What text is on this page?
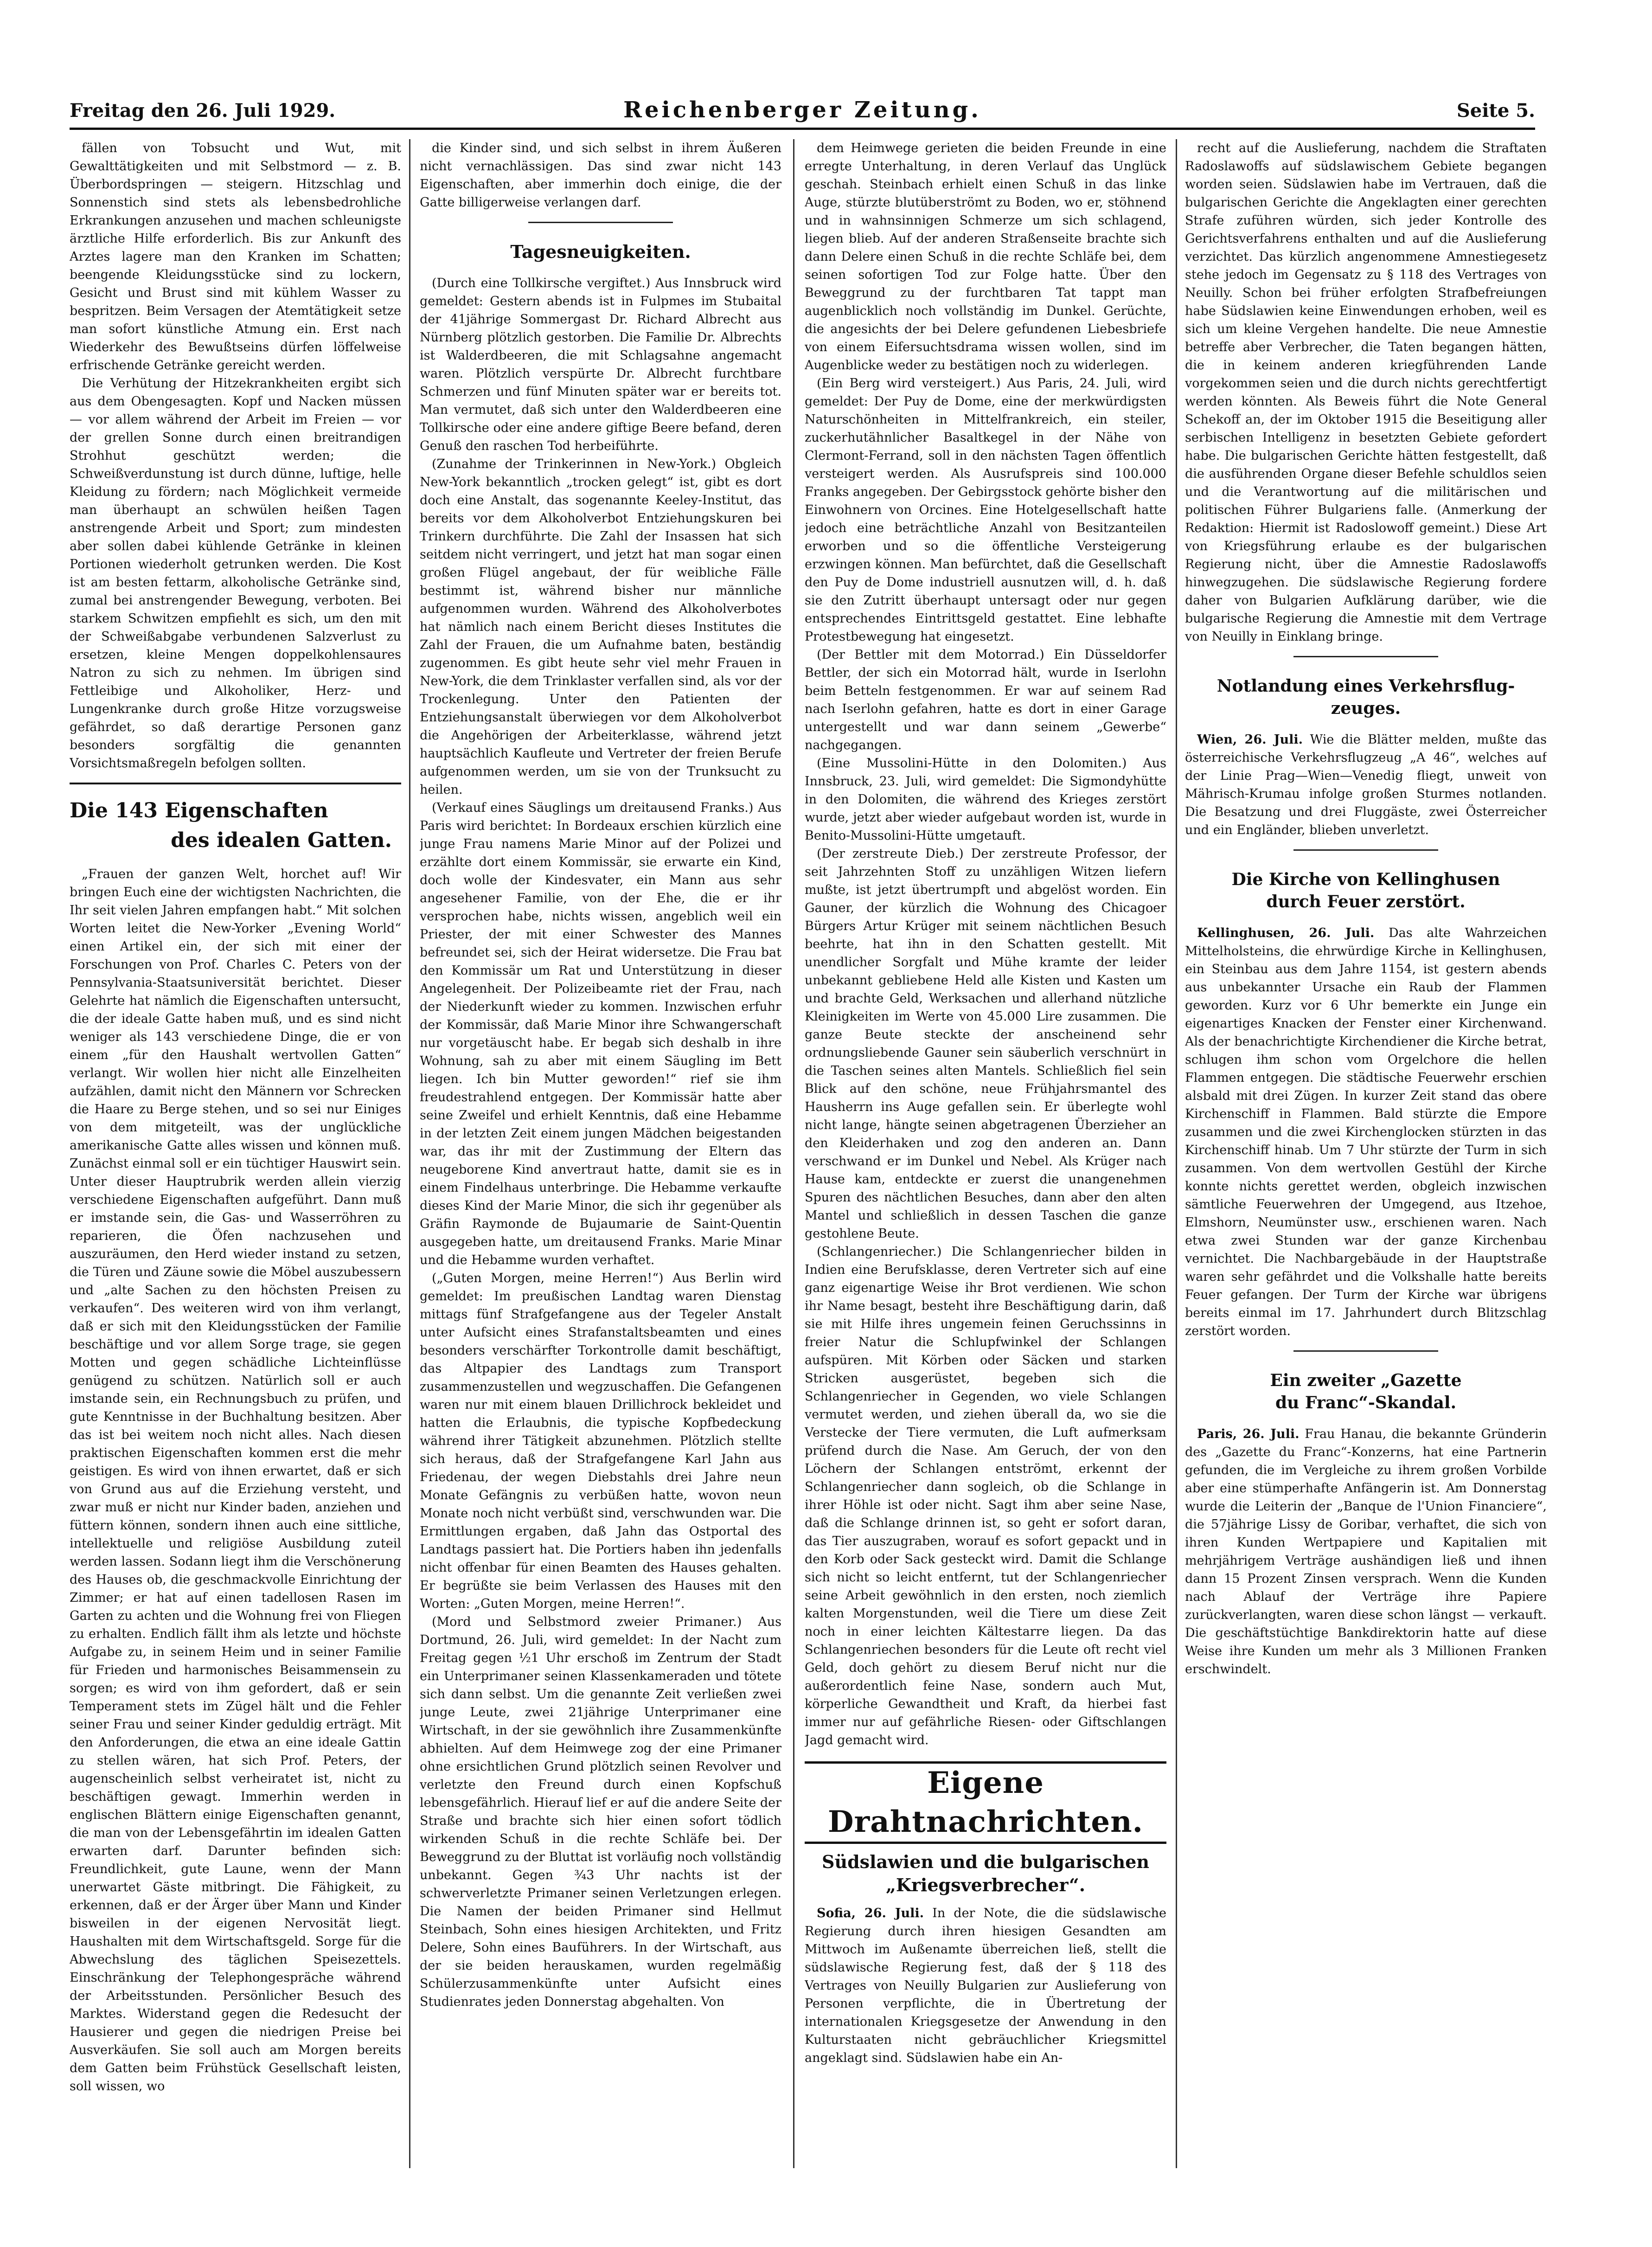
Freitag den 26. Juli 1929.	Reichenberger Zeitung.	Seite 5.

fällen von Tobsucht und Wut, mit Gewalttätigkeiten und mit Selbstmord — z. B. Überbordspringen — steigern. Hitzschlag und Sonnenstich sind stets als lebensbedrohliche Erkrankungen anzusehen und machen schleunigste ärztliche Hilfe erforderlich. Bis zur Ankunft des Arztes lagere man den Kranken im Schatten; beengende Kleidungsstücke sind zu lockern, Gesicht und Brust sind mit kühlem Wasser zu bespritzen. Beim Versagen der Atemtätigkeit setze man sofort künstliche Atmung ein. Erst nach Wiederkehr des Bewußtseins dürfen löffelweise erfrischende Getränke gereicht werden.

Die Verhütung der Hitzekrankheiten ergibt sich aus dem Obengesagten. Kopf und Nacken müssen — vor allem während der Arbeit im Freien — vor der grellen Sonne durch einen breitrandigen Strohhut geschützt werden; die Schweißverdunstung ist durch dünne, luftige, helle Kleidung zu fördern; nach Möglichkeit vermeide man überhaupt an schwülen heißen Tagen anstrengende Arbeit und Sport; zum mindesten aber sollen dabei kühlende Getränke in kleinen Portionen wiederholt getrunken werden. Die Kost ist am besten fettarm, alkoholische Getränke sind, zumal bei anstrengender Bewegung, verboten. Bei starkem Schwitzen empfiehlt es sich, um den mit der Schweißabgabe verbundenen Salzverlust zu ersetzen, kleine Mengen doppelkohlensaures Natron zu sich zu nehmen. Im übrigen sind Fettleibige und Alkoholiker, Herz- und Lungenkranke durch große Hitze vorzugsweise gefährdet, so daß derartige Personen ganz besonders sorgfältig die genannten Vorsichtsmaßregeln befolgen sollten.

Die 143 Eigenschaften
des idealen Gatten.

„Frauen der ganzen Welt, horchet auf! Wir bringen Euch eine der wichtigsten Nachrichten, die Ihr seit vielen Jahren empfangen habt.“ Mit solchen Worten leitet die New-Yorker „Evening World“ einen Artikel ein, der sich mit einer der Forschungen von Prof. Charles C. Peters von der Pennsylvania-Staatsuniversität berichtet. Dieser Gelehrte hat nämlich die Eigenschaften untersucht, die der ideale Gatte haben muß, und es sind nicht weniger als 143 verschiedene Dinge, die er von einem „für den Haushalt wertvollen Gatten“ verlangt. Wir wollen hier nicht alle Einzelheiten aufzählen, damit nicht den Männern vor Schrecken die Haare zu Berge stehen, und so sei nur Einiges von dem mitgeteilt, was der unglückliche amerikanische Gatte alles wissen und können muß. Zunächst einmal soll er ein tüchtiger Hauswirt sein. Unter dieser Hauptrubrik werden allein vierzig verschiedene Eigenschaften aufgeführt. Dann muß er imstande sein, die Gas- und Wasserröhren zu reparieren, die Öfen nachzusehen und auszuräumen, den Herd wieder instand zu setzen, die Türen und Zäune sowie die Möbel auszubessern und „alte Sachen zu den höchsten Preisen zu verkaufen“. Des weiteren wird von ihm verlangt, daß er sich mit den Kleidungsstücken der Familie beschäftige und vor allem Sorge trage, sie gegen Motten und gegen schädliche Lichteinflüsse genügend zu schützen. Natürlich soll er auch imstande sein, ein Rechnungsbuch zu prüfen, und gute Kenntnisse in der Buchhaltung besitzen. Aber das ist bei weitem noch nicht alles. Nach diesen praktischen Eigenschaften kommen erst die mehr geistigen. Es wird von ihnen erwartet, daß er sich von Grund aus auf die Erziehung versteht, und zwar muß er nicht nur Kinder baden, anziehen und füttern können, sondern ihnen auch eine sittliche, intellektuelle und religiöse Ausbildung zuteil werden lassen. Sodann liegt ihm die Verschönerung des Hauses ob, die geschmackvolle Einrichtung der Zimmer; er hat auf einen tadellosen Rasen im Garten zu achten und die Wohnung frei von Fliegen zu erhalten. Endlich fällt ihm als letzte und höchste Aufgabe zu, in seinem Heim und in seiner Familie für Frieden und harmonisches Beisammensein zu sorgen; es wird von ihm gefordert, daß er sein Temperament stets im Zügel hält und die Fehler seiner Frau und seiner Kinder geduldig erträgt. Mit den Anforderungen, die etwa an eine ideale Gattin zu stellen wären, hat sich Prof. Peters, der augenscheinlich selbst verheiratet ist, nicht zu beschäftigen gewagt. Immerhin werden in englischen Blättern einige Eigenschaften genannt, die man von der Lebensgefährtin im idealen Gatten erwarten darf. Darunter befinden sich: Freundlichkeit, gute Laune, wenn der Mann unerwartet Gäste mitbringt. Die Fähigkeit, zu erkennen, daß er der Ärger über Mann und Kinder bisweilen in der eigenen Nervosität liegt. Haushalten mit dem Wirtschaftsgeld. Sorge für die Abwechslung des täglichen Speisezettels. Einschränkung der Telephongespräche während der Arbeitsstunden. Persönlicher Besuch des Marktes. Widerstand gegen die Redesucht der Hausierer und gegen die niedrigen Preise bei Ausverkäufen. Sie soll auch am Morgen bereits dem Gatten beim Frühstück Gesellschaft leisten, soll wissen, wo

die Kinder sind, und sich selbst in ihrem Äußeren nicht vernachlässigen. Das sind zwar nicht 143 Eigenschaften, aber immerhin doch einige, die der Gatte billigerweise verlangen darf.

Tagesneuigkeiten.

(Durch eine Tollkirsche vergiftet.) Aus Innsbruck wird gemeldet: Gestern abends ist in Fulpmes im Stubaital der 41jährige Sommergast Dr. Richard Albrecht aus Nürnberg plötzlich gestorben. Die Familie Dr. Albrechts ist Walderdbeeren, die mit Schlagsahne angemacht waren. Plötzlich verspürte Dr. Albrecht furchtbare Schmerzen und fünf Minuten später war er bereits tot. Man vermutet, daß sich unter den Walderdbeeren eine Tollkirsche oder eine andere giftige Beere befand, deren Genuß den raschen Tod herbeiführte.

(Zunahme der Trinkerinnen in New-York.) Obgleich New-York bekanntlich „trocken gelegt“ ist, gibt es dort doch eine Anstalt, das sogenannte Keeley-Institut, das bereits vor dem Alkoholverbot Entziehungskuren bei Trinkern durchführte. Die Zahl der Insassen hat sich seitdem nicht verringert, und jetzt hat man sogar einen großen Flügel angebaut, der für weibliche Fälle bestimmt ist, während bisher nur männliche aufgenommen wurden. Während des Alkoholverbotes hat nämlich nach einem Bericht dieses Institutes die Zahl der Frauen, die um Aufnahme baten, beständig zugenommen. Es gibt heute sehr viel mehr Frauen in New-York, die dem Trinklaster verfallen sind, als vor der Trockenlegung. Unter den Patienten der Entziehungsanstalt überwiegen vor dem Alkoholverbot die Angehörigen der Arbeiterklasse, während jetzt hauptsächlich Kaufleute und Vertreter der freien Berufe aufgenommen werden, um sie von der Trunksucht zu heilen.

(Verkauf eines Säuglings um dreitausend Franks.) Aus Paris wird berichtet: In Bordeaux erschien kürzlich eine junge Frau namens Marie Minor auf der Polizei und erzählte dort einem Kommissär, sie erwarte ein Kind, doch wolle der Kindesvater, ein Mann aus sehr angesehener Familie, von der Ehe, die er ihr versprochen habe, nichts wissen, angeblich weil ein Priester, der mit einer Schwester des Mannes befreundet sei, sich der Heirat widersetze. Die Frau bat den Kommissär um Rat und Unterstützung in dieser Angelegenheit. Der Polizeibeamte riet der Frau, nach der Niederkunft wieder zu kommen. Inzwischen erfuhr der Kommissär, daß Marie Minor ihre Schwangerschaft nur vorgetäuscht habe. Er begab sich deshalb in ihre Wohnung, sah zu aber mit einem Säugling im Bett liegen. Ich bin Mutter geworden!“ rief sie ihm freudestrahlend entgegen. Der Kommissär hatte aber seine Zweifel und erhielt Kenntnis, daß eine Hebamme in der letzten Zeit einem jungen Mädchen beigestanden war, das ihr mit der Zustimmung der Eltern das neugeborene Kind anvertraut hatte, damit sie es in einem Findelhaus unterbringe. Die Hebamme verkaufte dieses Kind der Marie Minor, die sich ihr gegenüber als Gräfin Raymonde de Bujaumarie de Saint-Quentin ausgegeben hatte, um dreitausend Franks. Marie Minar und die Hebamme wurden verhaftet.

(„Guten Morgen, meine Herren!“) Aus Berlin wird gemeldet: Im preußischen Landtag waren Dienstag mittags fünf Strafgefangene aus der Tegeler Anstalt unter Aufsicht eines Strafanstaltsbeamten und eines besonders verschärfter Torkontrolle damit beschäftigt, das Altpapier des Landtags zum Transport zusammenzustellen und wegzuschaffen. Die Gefangenen waren nur mit einem blauen Drillichrock bekleidet und hatten die Erlaubnis, die typische Kopfbedeckung während ihrer Tätigkeit abzunehmen. Plötzlich stellte sich heraus, daß der Strafgefangene Karl Jahn aus Friedenau, der wegen Diebstahls drei Jahre neun Monate Gefängnis zu verbüßen hatte, wovon neun Monate noch nicht verbüßt sind, verschwunden war. Die Ermittlungen ergaben, daß Jahn das Ostportal des Landtags passiert hat. Die Portiers haben ihn jedenfalls nicht offenbar für einen Beamten des Hauses gehalten. Er begrüßte sie beim Verlassen des Hauses mit den Worten: „Guten Morgen, meine Herren!“.

(Mord und Selbstmord zweier Primaner.) Aus Dortmund, 26. Juli, wird gemeldet: In der Nacht zum Freitag gegen ½1 Uhr erschoß im Zentrum der Stadt ein Unterprimaner seinen Klassenkameraden und tötete sich dann selbst. Um die genannte Zeit verließen zwei junge Leute, zwei 21jährige Unterprimaner eine Wirtschaft, in der sie gewöhnlich ihre Zusammenkünfte abhielten. Auf dem Heimwege zog der eine Primaner ohne ersichtlichen Grund plötzlich seinen Revolver und verletzte den Freund durch einen Kopfschuß lebensgefährlich. Hierauf lief er auf die andere Seite der Straße und brachte sich hier einen sofort tödlich wirkenden Schuß in die rechte Schläfe bei. Der Beweggrund zu der Bluttat ist vorläufig noch vollständig unbekannt. Gegen ¾3 Uhr nachts ist der schwerverletzte Primaner seinen Verletzungen erlegen. Die Namen der beiden Primaner sind Hellmut Steinbach, Sohn eines hiesigen Architekten, und Fritz Delere, Sohn eines Bauführers. In der Wirtschaft, aus der sie beiden herauskamen, wurden regelmäßig Schülerzusammenkünfte unter Aufsicht eines Studienrates jeden Donnerstag abgehalten. Von

dem Heimwege gerieten die beiden Freunde in eine erregte Unterhaltung, in deren Verlauf das Unglück geschah. Steinbach erhielt einen Schuß in das linke Auge, stürzte blutüberströmt zu Boden, wo er, stöhnend und in wahnsinnigen Schmerze um sich schlagend, liegen blieb. Auf der anderen Straßenseite brachte sich dann Delere einen Schuß in die rechte Schläfe bei, dem seinen sofortigen Tod zur Folge hatte. Über den Beweggrund zu der furchtbaren Tat tappt man augenblicklich noch vollständig im Dunkel. Gerüchte, die angesichts der bei Delere gefundenen Liebesbriefe von einem Eifersuchtsdrama wissen wollen, sind im Augenblicke weder zu bestätigen noch zu widerlegen.

(Ein Berg wird versteigert.) Aus Paris, 24. Juli, wird gemeldet: Der Puy de Dome, eine der merkwürdigsten Naturschönheiten in Mittelfrankreich, ein steiler, zuckerhutähnlicher Basaltkegel in der Nähe von Clermont-Ferrand, soll in den nächsten Tagen öffentlich versteigert werden. Als Ausrufspreis sind 100.000 Franks angegeben. Der Gebirgsstock gehörte bisher den Einwohnern von Orcines. Eine Hotelgesellschaft hatte jedoch eine beträchtliche Anzahl von Besitzanteilen erworben und so die öffentliche Versteigerung erzwingen können. Man befürchtet, daß die Gesellschaft den Puy de Dome industriell ausnutzen will, d. h. daß sie den Zutritt überhaupt untersagt oder nur gegen entsprechendes Eintrittsgeld gestattet. Eine lebhafte Protestbewegung hat eingesetzt.

(Der Bettler mit dem Motorrad.) Ein Düsseldorfer Bettler, der sich ein Motorrad hält, wurde in Iserlohn beim Betteln festgenommen. Er war auf seinem Rad nach Iserlohn gefahren, hatte es dort in einer Garage untergestellt und war dann seinem „Gewerbe“ nachgegangen.

(Eine Mussolini-Hütte in den Dolomiten.) Aus Innsbruck, 23. Juli, wird gemeldet: Die Sigmondyhütte in den Dolomiten, die während des Krieges zerstört wurde, jetzt aber wieder aufgebaut worden ist, wurde in Benito-Mussolini-Hütte umgetauft.

(Der zerstreute Dieb.) Der zerstreute Professor, der seit Jahrzehnten Stoff zu unzähligen Witzen liefern mußte, ist jetzt übertrumpft und abgelöst worden. Ein Gauner, der kürzlich die Wohnung des Chicagoer Bürgers Artur Krüger mit seinem nächtlichen Besuch beehrte, hat ihn in den Schatten gestellt. Mit unendlicher Sorgfalt und Mühe kramte der leider unbekannt gebliebene Held alle Kisten und Kasten um und brachte Geld, Werksachen und allerhand nützliche Kleinigkeiten im Werte von 45.000 Lire zusammen. Die ganze Beute steckte der anscheinend sehr ordnungsliebende Gauner sein säuberlich verschnürt in die Taschen seines alten Mantels. Schließlich fiel sein Blick auf den schöne, neue Frühjahrsmantel des Hausherrn ins Auge gefallen sein. Er überlegte wohl nicht lange, hängte seinen abgetragenen Überzieher an den Kleiderhaken und zog den anderen an. Dann verschwand er im Dunkel und Nebel. Als Krüger nach Hause kam, entdeckte er zuerst die unangenehmen Spuren des nächtlichen Besuches, dann aber den alten Mantel und schließlich in dessen Taschen die ganze gestohlene Beute.

(Schlangenriecher.) Die Schlangenriecher bilden in Indien eine Berufsklasse, deren Vertreter sich auf eine ganz eigenartige Weise ihr Brot verdienen. Wie schon ihr Name besagt, besteht ihre Beschäftigung darin, daß sie mit Hilfe ihres ungemein feinen Geruchssinns in freier Natur die Schlupfwinkel der Schlangen aufspüren. Mit Körben oder Säcken und starken Stricken ausgerüstet, begeben sich die Schlangenriecher in Gegenden, wo viele Schlangen vermutet werden, und ziehen überall da, wo sie die Verstecke der Tiere vermuten, die Luft aufmerksam prüfend durch die Nase. Am Geruch, der von den Löchern der Schlangen entströmt, erkennt der Schlangenriecher dann sogleich, ob die Schlange in ihrer Höhle ist oder nicht. Sagt ihm aber seine Nase, daß die Schlange drinnen ist, so geht er sofort daran, das Tier auszugraben, worauf es sofort gepackt und in den Korb oder Sack gesteckt wird. Damit die Schlange sich nicht so leicht entfernt, tut der Schlangenriecher seine Arbeit gewöhnlich in den ersten, noch ziemlich kalten Morgenstunden, weil die Tiere um diese Zeit noch in einer leichten Kältestarre liegen. Da das Schlangenriechen besonders für die Leute oft recht viel Geld, doch gehört zu diesem Beruf nicht nur die außerordentlich feine Nase, sondern auch Mut, körperliche Gewandtheit und Kraft, da hierbei fast immer nur auf gefährliche Riesen- oder Giftschlangen Jagd gemacht wird.

Eigene Drahtnachrichten.
Südslawien und die bulgarischen
„Kriegsverbrecher“.

Sofia, 26. Juli. In der Note, die die südslawische Regierung durch ihren hiesigen Gesandten am Mittwoch im Außenamte überreichen ließ, stellt die südslawische Regierung fest, daß der § 118 des Vertrages von Neuilly Bulgarien zur Auslieferung von Personen verpflichte, die in Übertretung der internationalen Kriegsgesetze der Anwendung in den Kulturstaaten nicht gebräuchlicher Kriegsmittel angeklagt sind. Südslawien habe ein An-

recht auf die Auslieferung, nachdem die Straftaten Radoslawoffs auf südslawischem Gebiete begangen worden seien. Südslawien habe im Vertrauen, daß die bulgarischen Gerichte die Angeklagten einer gerechten Strafe zuführen würden, sich jeder Kontrolle des Gerichtsverfahrens enthalten und auf die Auslieferung verzichtet. Das kürzlich angenommene Amnestiegesetz stehe jedoch im Gegensatz zu § 118 des Vertrages von Neuilly. Schon bei früher erfolgten Strafbefreiungen habe Südslawien keine Einwendungen erhoben, weil es sich um kleine Vergehen handelte. Die neue Amnestie betreffe aber Verbrecher, die Taten begangen hätten, die in keinem anderen kriegführenden Lande vorgekommen seien und die durch nichts gerechtfertigt werden könnten. Als Beweis führt die Note General Schekoff an, der im Oktober 1915 die Beseitigung aller serbischen Intelligenz in besetzten Gebiete gefordert habe. Die bulgarischen Gerichte hätten festgestellt, daß die ausführenden Organe dieser Befehle schuldlos seien und die Verantwortung auf die militärischen und politischen Führer Bulgariens falle. (Anmerkung der Redaktion: Hiermit ist Radoslowoff gemeint.) Diese Art von Kriegsführung erlaube es der bulgarischen Regierung nicht, über die Amnestie Radoslawoffs hinwegzugehen. Die südslawische Regierung fordere daher von Bulgarien Aufklärung darüber, wie die bulgarische Regierung die Amnestie mit dem Vertrage von Neuilly in Einklang bringe.

Notlandung eines Verkehrsflug-
zeuges.

Wien, 26. Juli. Wie die Blätter melden, mußte das österreichische Verkehrsflugzeug „A 46“, welches auf der Linie Prag—Wien—Venedig fliegt, unweit von Mährisch-Krumau infolge großen Sturmes notlanden. Die Besatzung und drei Fluggäste, zwei Österreicher und ein Engländer, blieben unverletzt.

Die Kirche von Kellinghusen
durch Feuer zerstört.

Kellinghusen, 26. Juli. Das alte Wahrzeichen Mittelholsteins, die ehrwürdige Kirche in Kellinghusen, ein Steinbau aus dem Jahre 1154, ist gestern abends aus unbekannter Ursache ein Raub der Flammen geworden. Kurz vor 6 Uhr bemerkte ein Junge ein eigenartiges Knacken der Fenster einer Kirchenwand. Als der benachrichtigte Kirchendiener die Kirche betrat, schlugen ihm schon vom Orgelchore die hellen Flammen entgegen. Die städtische Feuerwehr erschien alsbald mit drei Zügen. In kurzer Zeit stand das obere Kirchenschiff in Flammen. Bald stürzte die Empore zusammen und die zwei Kirchenglocken stürzten in das Kirchenschiff hinab. Um 7 Uhr stürzte der Turm in sich zusammen. Von dem wertvollen Gestühl der Kirche konnte nichts gerettet werden, obgleich inzwischen sämtliche Feuerwehren der Umgegend, aus Itzehoe, Elmshorn, Neumünster usw., erschienen waren. Nach etwa zwei Stunden war der ganze Kirchenbau vernichtet. Die Nachbargebäude in der Hauptstraße waren sehr gefährdet und die Volkshalle hatte bereits Feuer gefangen. Der Turm der Kirche war übrigens bereits einmal im 17. Jahrhundert durch Blitzschlag zerstört worden.

Ein zweiter „Gazette
du Franc“-Skandal.

Paris, 26. Juli. Frau Hanau, die bekannte Gründerin des „Gazette du Franc“-Konzerns, hat eine Partnerin gefunden, die im Vergleiche zu ihrem großen Vorbilde aber eine stümperhafte Anfängerin ist. Am Donnerstag wurde die Leiterin der „Banque de l'Union Financiere“, die 57jährige Lissy de Goribar, verhaftet, die sich von ihren Kunden Wertpapiere und Kapitalien mit mehrjährigem Verträge aushändigen ließ und ihnen dann 15 Prozent Zinsen versprach. Wenn die Kunden nach Ablauf der Verträge ihre Papiere zurückverlangten, waren diese schon längst — verkauft. Die geschäftstüchtige Bankdirektorin hatte auf diese Weise ihre Kunden um mehr als 3 Millionen Franken erschwindelt.
